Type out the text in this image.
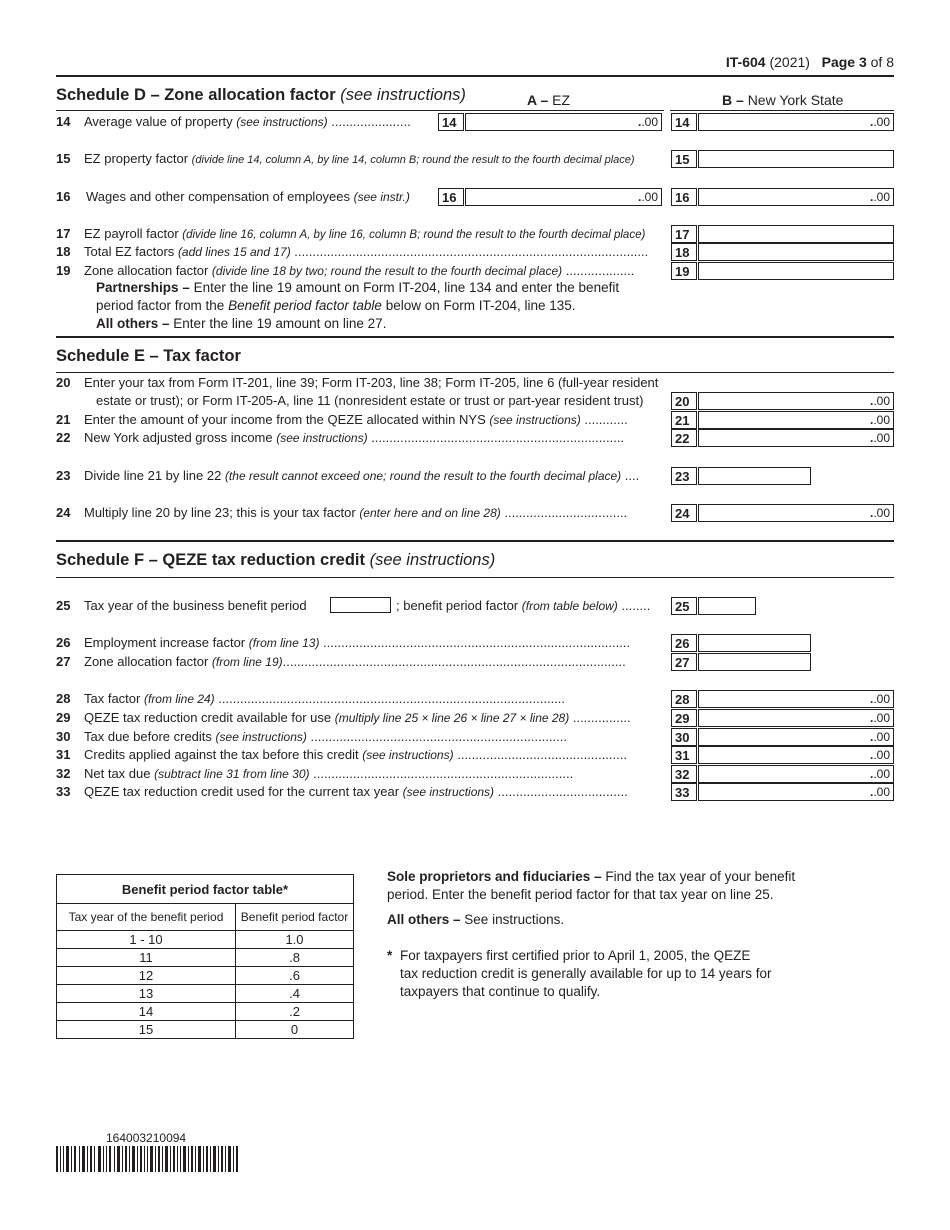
IT-604 (2021) Page 3 of 8
Schedule D – Zone allocation factor (see instructions)	A – EZ	B – New York State
14	Average value of property (see instructions) ......................	14	..00	14	..00
15	EZ property factor (divide line 14, column A, by line 14, column B; round the result to the fourth decimal place)	15
16	Wages and other compensation of employees (see instr.)	16	..00	16	..00
17	EZ payroll factor (divide line 16, column A, by line 16, column B; round the result to the fourth decimal place)	17
18	Total EZ factors (add lines 15 and 17) ..................................................................................................	18
19	Zone allocation factor (divide line 18 by two; round the result to the fourth decimal place) ...................	19
Partnerships – Enter the line 19 amount on Form IT-204, line 134 and enter the benefit
period factor from the Benefit period factor table below on Form IT-204, line 135.
All others – Enter the line 19 amount on line 27.
Schedule E – Tax factor
20	Enter your tax from Form IT-201, line 39; Form IT-203, line 38; Form IT-205, line 6 (full-year resident
estate or trust); or Form IT-205-A, line 11 (nonresident estate or trust or part-year resident trust)	20	..00
21	Enter the amount of your income from the QEZE allocated within NYS (see instructions) ............	21	..00
22	New York adjusted gross income (see instructions) ......................................................................	22	..00
23	Divide line 21 by line 22 (the result cannot exceed one; round the result to the fourth decimal place) ....	23
24	Multiply line 20 by line 23; this is your tax factor (enter here and on line 28) ..................................	24	..00
Schedule F – QEZE tax reduction credit (see instructions)
25	Tax year of the business benefit period	; benefit period factor (from table below) ........	25
26	Employment increase factor (from line 13) .....................................................................................	26
27	Zone allocation factor (from line 19)...............................................................................................	27
28	Tax factor (from line 24) ................................................................................................	28	..00
29	QEZE tax reduction credit available for use (multiply line 25 × line 26 × line 27 × line 28) ................	29	..00
30	Tax due before credits (see instructions) .......................................................................	30	..00
31	Credits applied against the tax before this credit (see instructions) ...............................................	31	..00
32	Net tax due (subtract line 31 from line 30) ........................................................................	32	..00
33	QEZE tax reduction credit used for the current tax year (see instructions) ....................................	33	..00
Benefit period factor table*	
Tax year of the benefit period	Benefit period factor
1 - 10	1.0
11	.8
12	.6
13	.4
14	.2
15	0
Sole proprietors and fiduciaries – Find the tax year of your benefit
period. Enter the benefit period factor for that tax year on line 25.
All others – See instructions.
* For taxpayers first certified prior to April 1, 2005, the QEZE
tax reduction credit is generally available for up to 14 years for
taxpayers that continue to qualify.
164003210094
